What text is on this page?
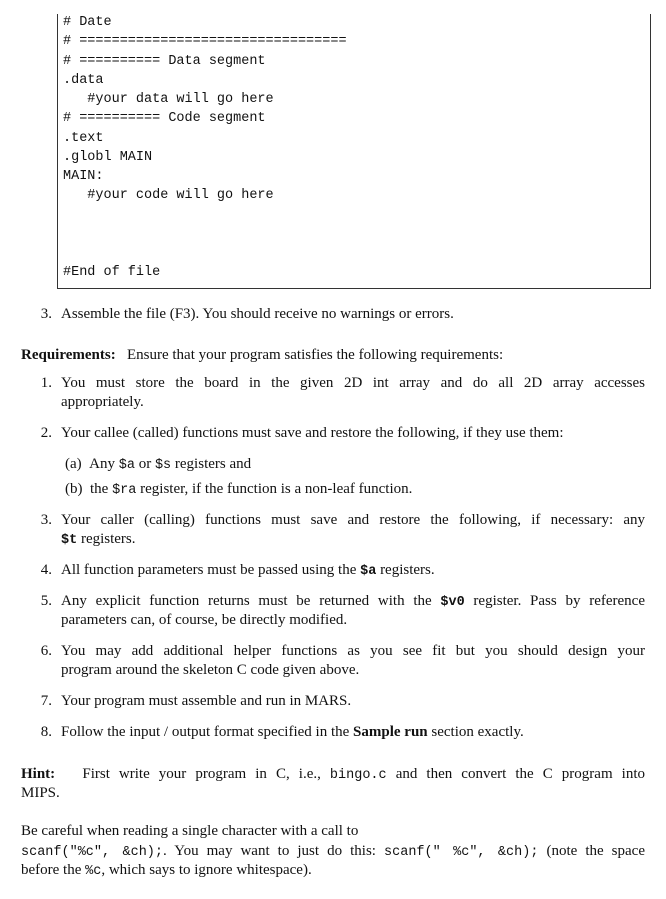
# Date
# =================================
# ========== Data segment
.data
#your data will go here
# ========== Code segment
.text
.globl MAIN
MAIN:
#your code will go here
#End of file
3. Assemble the file (F3). You should receive no warnings or errors.
Requirements: Ensure that your program satisfies the following requirements:
1. You must store the board in the given 2D int array and do all 2D array accesses
appropriately.
2. Your callee (called) functions must save and restore the following, if they use them:
(a) Any $a or $s registers and
(b) the $ra register, if the function is a non-leaf function.
3. Your caller (calling) functions must save and restore the following, if necessary: any
$t registers.
4. All function parameters must be passed using the $a registers.
5. Any explicit function returns must be returned with the $v0 register. Pass by reference
parameters can, of course, be directly modified.
6. You may add additional helper functions as you see fit but you should design your
program around the skeleton C code given above.
7. Your program must assemble and run in MARS.
8. Follow the input / output format specified in the Sample run section exactly.
Hint: First write your program in C, i.e., bingo.c and then convert the C program into
MIPS.
Be careful when reading a single character with a call to
scanf("%c", &ch);. You may want to just do this: scanf(" %c", &ch); (note the space
before the %c, which says to ignore whitespace).
